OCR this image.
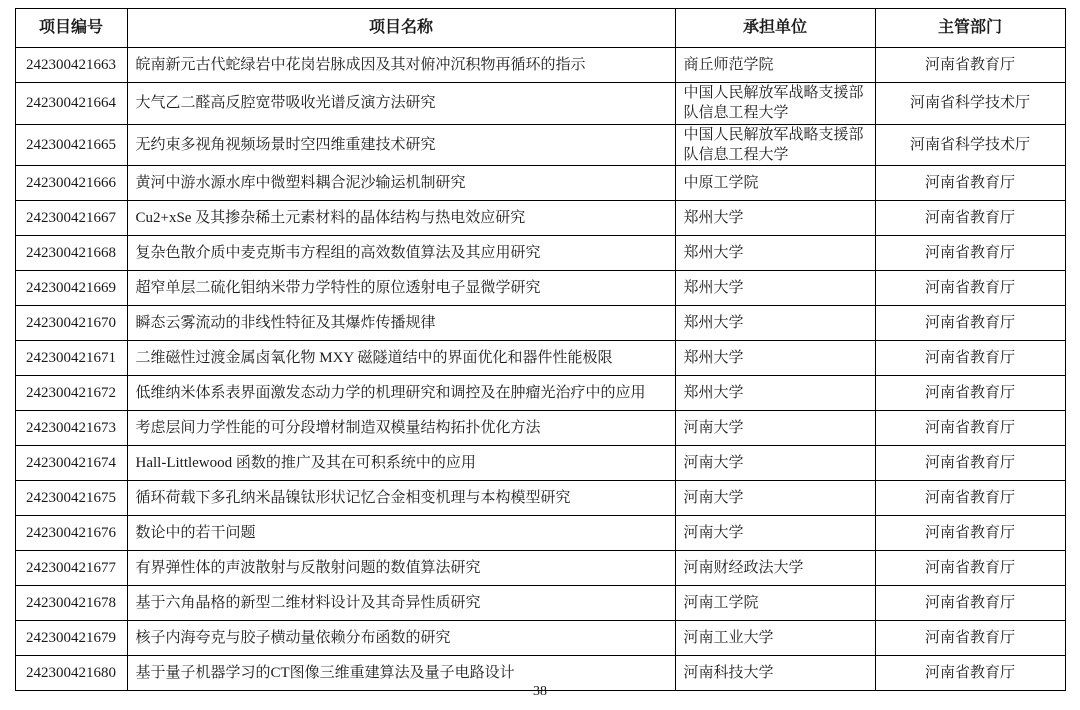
项目编号	项目名称	承担单位	主管部门
242300421663	皖南新元古代蛇绿岩中花岗岩脉成因及其对俯冲沉积物再循环的指示	商丘师范学院	河南省教育厅
242300421664	大气乙二醛高反腔宽带吸收光谱反演方法研究	中国人民解放军战略支援部队信息工程大学	河南省科学技术厅
242300421665	无约束多视角视频场景时空四维重建技术研究	中国人民解放军战略支援部队信息工程大学	河南省科学技术厅
242300421666	黄河中游水源水库中微塑料耦合泥沙输运机制研究	中原工学院	河南省教育厅
242300421667	Cu2+xSe 及其掺杂稀土元素材料的晶体结构与热电效应研究	郑州大学	河南省教育厅
242300421668	复杂色散介质中麦克斯韦方程组的高效数值算法及其应用研究	郑州大学	河南省教育厅
242300421669	超窄单层二硫化钼纳米带力学特性的原位透射电子显微学研究	郑州大学	河南省教育厅
242300421670	瞬态云雾流动的非线性特征及其爆炸传播规律	郑州大学	河南省教育厅
242300421671	二维磁性过渡金属卤氧化物 MXY 磁隧道结中的界面优化和器件性能极限	郑州大学	河南省教育厅
242300421672	低维纳米体系表界面激发态动力学的机理研究和调控及在肿瘤光治疗中的应用	郑州大学	河南省教育厅
242300421673	考虑层间力学性能的可分段增材制造双模量结构拓扑优化方法	河南大学	河南省教育厅
242300421674	Hall-Littlewood 函数的推广及其在可积系统中的应用	河南大学	河南省教育厅
242300421675	循环荷载下多孔纳米晶镍钛形状记忆合金相变机理与本构模型研究	河南大学	河南省教育厅
242300421676	数论中的若干问题	河南大学	河南省教育厅
242300421677	有界弹性体的声波散射与反散射问题的数值算法研究	河南财经政法大学	河南省教育厅
242300421678	基于六角晶格的新型二维材料设计及其奇异性质研究	河南工学院	河南省教育厅
242300421679	核子内海夸克与胶子横动量依赖分布函数的研究	河南工业大学	河南省教育厅
242300421680	基于量子机器学习的CT图像三维重建算法及量子电路设计	河南科技大学	河南省教育厅
38
